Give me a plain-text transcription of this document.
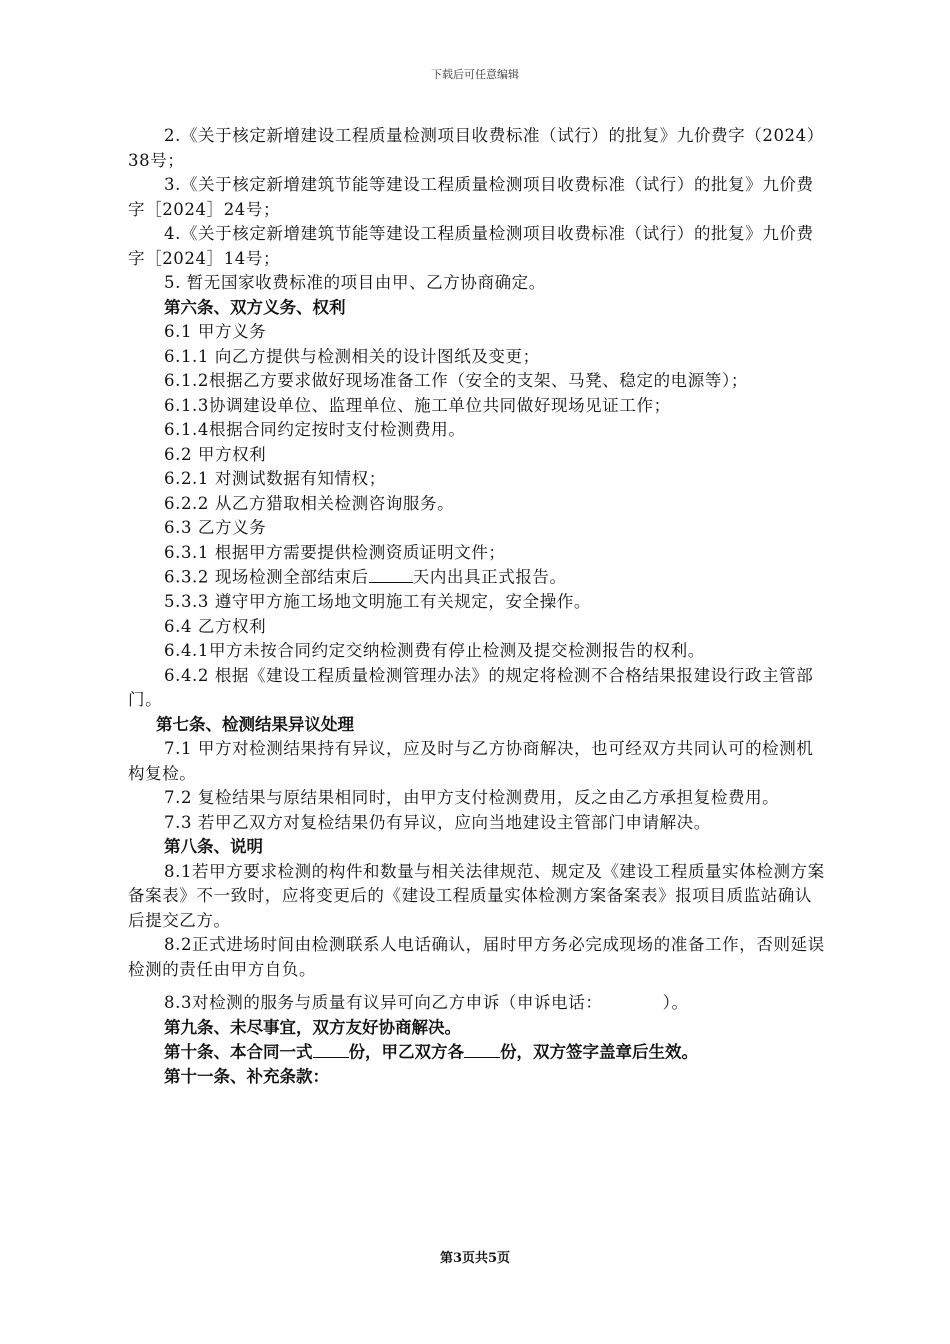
下载后可任意编辑

2.《关于核定新增建设工程质量检测项目收费标准（试行）的批复》九价费字（2024）38号；

3.《关于核定新增建筑节能等建设工程质量检测项目收费标准（试行）的批复》九价费字［2024］24号；

4.《关于核定新增建筑节能等建设工程质量检测项目收费标准（试行）的批复》九价费字［2024］14号；

5. 暂无国家收费标准的项目由甲、乙方协商确定。

第六条、双方义务、权利

6.1 甲方义务

6.1.1 向乙方提供与检测相关的设计图纸及变更；

6.1.2根据乙方要求做好现场准备工作（安全的支架、马凳、稳定的电源等）；

6.1.3协调建设单位、监理单位、施工单位共同做好现场见证工作；

6.1.4根据合同约定按时支付检测费用。

6.2 甲方权利

6.2.1 对测试数据有知情权；

6.2.2 从乙方猎取相关检测咨询服务。

6.3 乙方义务

6.3.1 根据甲方需要提供检测资质证明文件；

6.3.2 现场检测全部结束后	天内出具正式报告。

5.3.3 遵守甲方施工场地文明施工有关规定，安全操作。

6.4 乙方权利

6.4.1甲方未按合同约定交纳检测费有停止检测及提交检测报告的权利。

6.4.2 根据《建设工程质量检测管理办法》的规定将检测不合格结果报建设行政主管部门。

第七条、检测结果异议处理

7.1 甲方对检测结果持有异议，应及时与乙方协商解决，也可经双方共同认可的检测机构复检。

7.2 复检结果与原结果相同时，由甲方支付检测费用，反之由乙方承担复检费用。

7.3 若甲乙双方对复检结果仍有异议，应向当地建设主管部门申请解决。

第八条、说明

8.1若甲方要求检测的构件和数量与相关法律规范、规定及《建设工程质量实体检测方案备案表》不一致时，应将变更后的《建设工程质量实体检测方案备案表》报项目质监站确认后提交乙方。

8.2正式进场时间由检测联系人电话确认，届时甲方务必完成现场的准备工作，否则延误检测的责任由甲方自负。

8.3对检测的服务与质量有议异可向乙方申诉（申诉电话：　　　　）。

第九条、未尽事宜，双方友好协商解决。

第十条、本合同一式 份，甲乙双方各 份，双方签字盖章后生效。

第十一条、补充条款：

第3页共5页
